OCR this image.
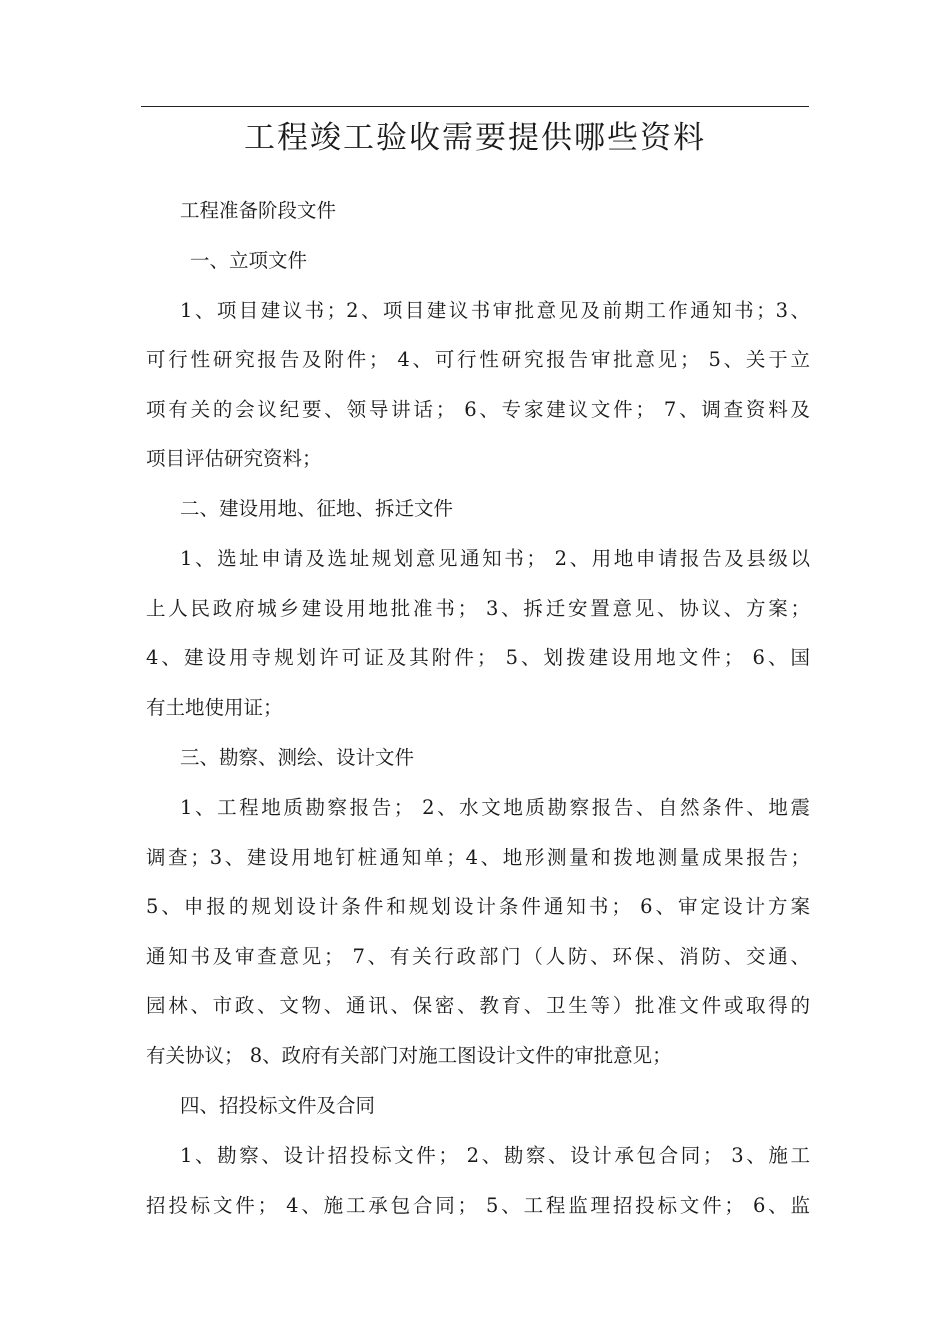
工程竣工验收需要提供哪些资料

工程准备阶段文件

一、立项文件

1、项目建议书；2、项目建议书审批意见及前期工作通知书；3、

可行性研究报告及附件； 4、可行性研究报告审批意见； 5、关于立

项有关的会议纪要、领导讲话； 6、专家建议文件； 7、调查资料及

项目评估研究资料；

二、建设用地、征地、拆迁文件

1、选址申请及选址规划意见通知书； 2、用地申请报告及县级以

上人民政府城乡建设用地批准书； 3、拆迁安置意见、协议、方案；

4、建设用寺规划许可证及其附件； 5、划拨建设用地文件； 6、国

有土地使用证；

三、勘察、测绘、设计文件

1、工程地质勘察报告； 2、水文地质勘察报告、自然条件、地震

调查；3、建设用地钉桩通知单；4、地形测量和拨地测量成果报告；

5、申报的规划设计条件和规划设计条件通知书； 6、审定设计方案

通知书及审查意见； 7、有关行政部门（人防、环保、消防、交通、

园林、市政、文物、通讯、保密、教育、卫生等）批准文件或取得的

有关协议； 8、政府有关部门对施工图设计文件的审批意见；

四、招投标文件及合同

1、勘察、设计招投标文件； 2、勘察、设计承包合同； 3、施工

招投标文件； 4、施工承包合同； 5、工程监理招投标文件； 6、监
